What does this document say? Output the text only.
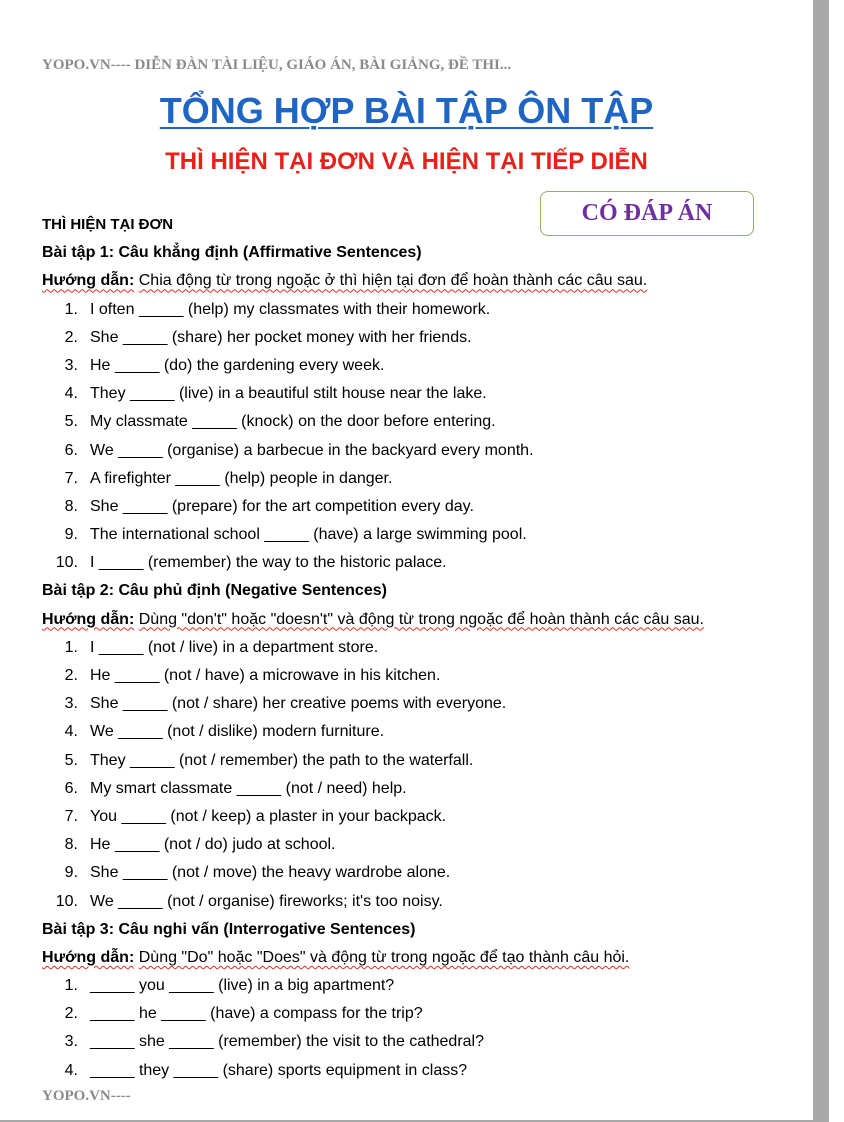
YOPO.VN---- DIỄN ĐÀN TÀI LIỆU, GIÁO ÁN, BÀI GIẢNG, ĐỀ THI...
TỔNG HỢP BÀI TẬP ÔN TẬP
THÌ HIỆN TẠI ĐƠN VÀ HIỆN TẠI TIẾP DIỄN
CÓ ĐÁP ÁN
THÌ HIỆN TẠI ĐƠN
Bài tập 1: Câu khẳng định (Affirmative Sentences)
Hướng dẫn: Chia động từ trong ngoặc ở thì hiện tại đơn để hoàn thành các câu sau.
1. I often _____ (help) my classmates with their homework.
2. She _____ (share) her pocket money with her friends.
3. He _____ (do) the gardening every week.
4. They _____ (live) in a beautiful stilt house near the lake.
5. My classmate _____ (knock) on the door before entering.
6. We _____ (organise) a barbecue in the backyard every month.
7. A firefighter _____ (help) people in danger.
8. She _____ (prepare) for the art competition every day.
9. The international school _____ (have) a large swimming pool.
10. I _____ (remember) the way to the historic palace.
Bài tập 2: Câu phủ định (Negative Sentences)
Hướng dẫn: Dùng "don't" hoặc "doesn't" và động từ trong ngoặc để hoàn thành các câu sau.
1. I _____ (not / live) in a department store.
2. He _____ (not / have) a microwave in his kitchen.
3. She _____ (not / share) her creative poems with everyone.
4. We _____ (not / dislike) modern furniture.
5. They _____ (not / remember) the path to the waterfall.
6. My smart classmate _____ (not / need) help.
7. You _____ (not / keep) a plaster in your backpack.
8. He _____ (not / do) judo at school.
9. She _____ (not / move) the heavy wardrobe alone.
10. We _____ (not / organise) fireworks; it's too noisy.
Bài tập 3: Câu nghi vấn (Interrogative Sentences)
Hướng dẫn: Dùng "Do" hoặc "Does" và động từ trong ngoặc để tạo thành câu hỏi.
1. _____ you _____ (live) in a big apartment?
2. _____ he _____ (have) a compass for the trip?
3. _____ she _____ (remember) the visit to the cathedral?
4. _____ they _____ (share) sports equipment in class?
YOPO.VN----
